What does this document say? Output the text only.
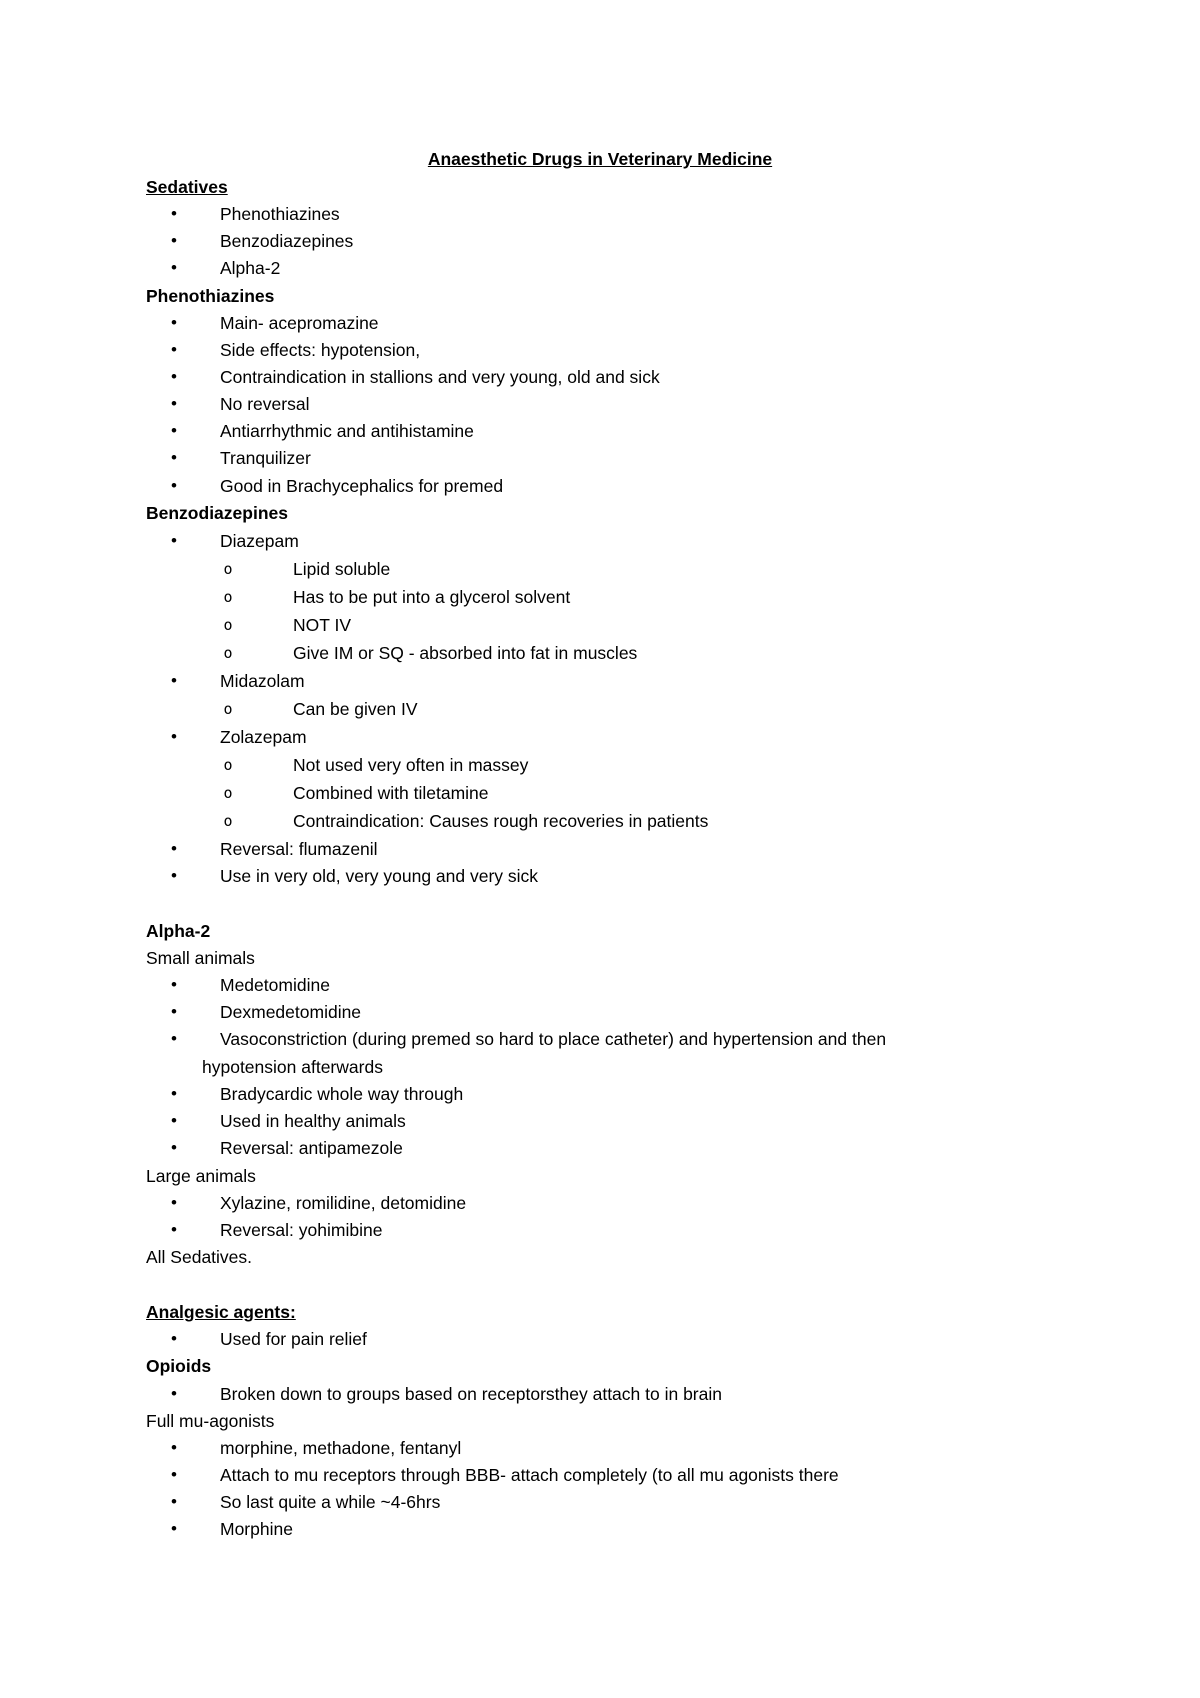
Anaesthetic Drugs in Veterinary Medicine
Sedatives
• Phenothiazines
• Benzodiazepines
• Alpha-2
Phenothiazines
• Main- acepromazine
• Side effects: hypotension,
• Contraindication in stallions and very young, old and sick
• No reversal
• Antiarrhythmic and antihistamine
• Tranquilizer
• Good in Brachycephalics for premed
Benzodiazepines
• Diazepam
o	Lipid soluble
o	Has to be put into a glycerol solvent
o	NOT IV
o	Give IM or SQ - absorbed into fat in muscles
• Midazolam
o	Can be given IV
• Zolazepam
o	Not used very often in massey
o	Combined with tiletamine
o	Contraindication: Causes rough recoveries in patients
• Reversal: flumazenil
• Use in very old, very young and very sick
Alpha-2
Small animals
• Medetomidine
• Dexmedetomidine
• Vasoconstriction (during premed so hard to place catheter) and hypertension and then
hypotension afterwards
• Bradycardic whole way through
• Used in healthy animals
• Reversal: antipamezole
Large animals
• Xylazine, romilidine, detomidine
• Reversal: yohimibine
All Sedatives.
Analgesic agents:
• Used for pain relief
Opioids
• Broken down to groups based on receptorsthey attach to in brain
Full mu-agonists
• morphine, methadone, fentanyl
• Attach to mu receptors through BBB- attach completely (to all mu agonists there
• So last quite a while ~4-6hrs
• Morphine
